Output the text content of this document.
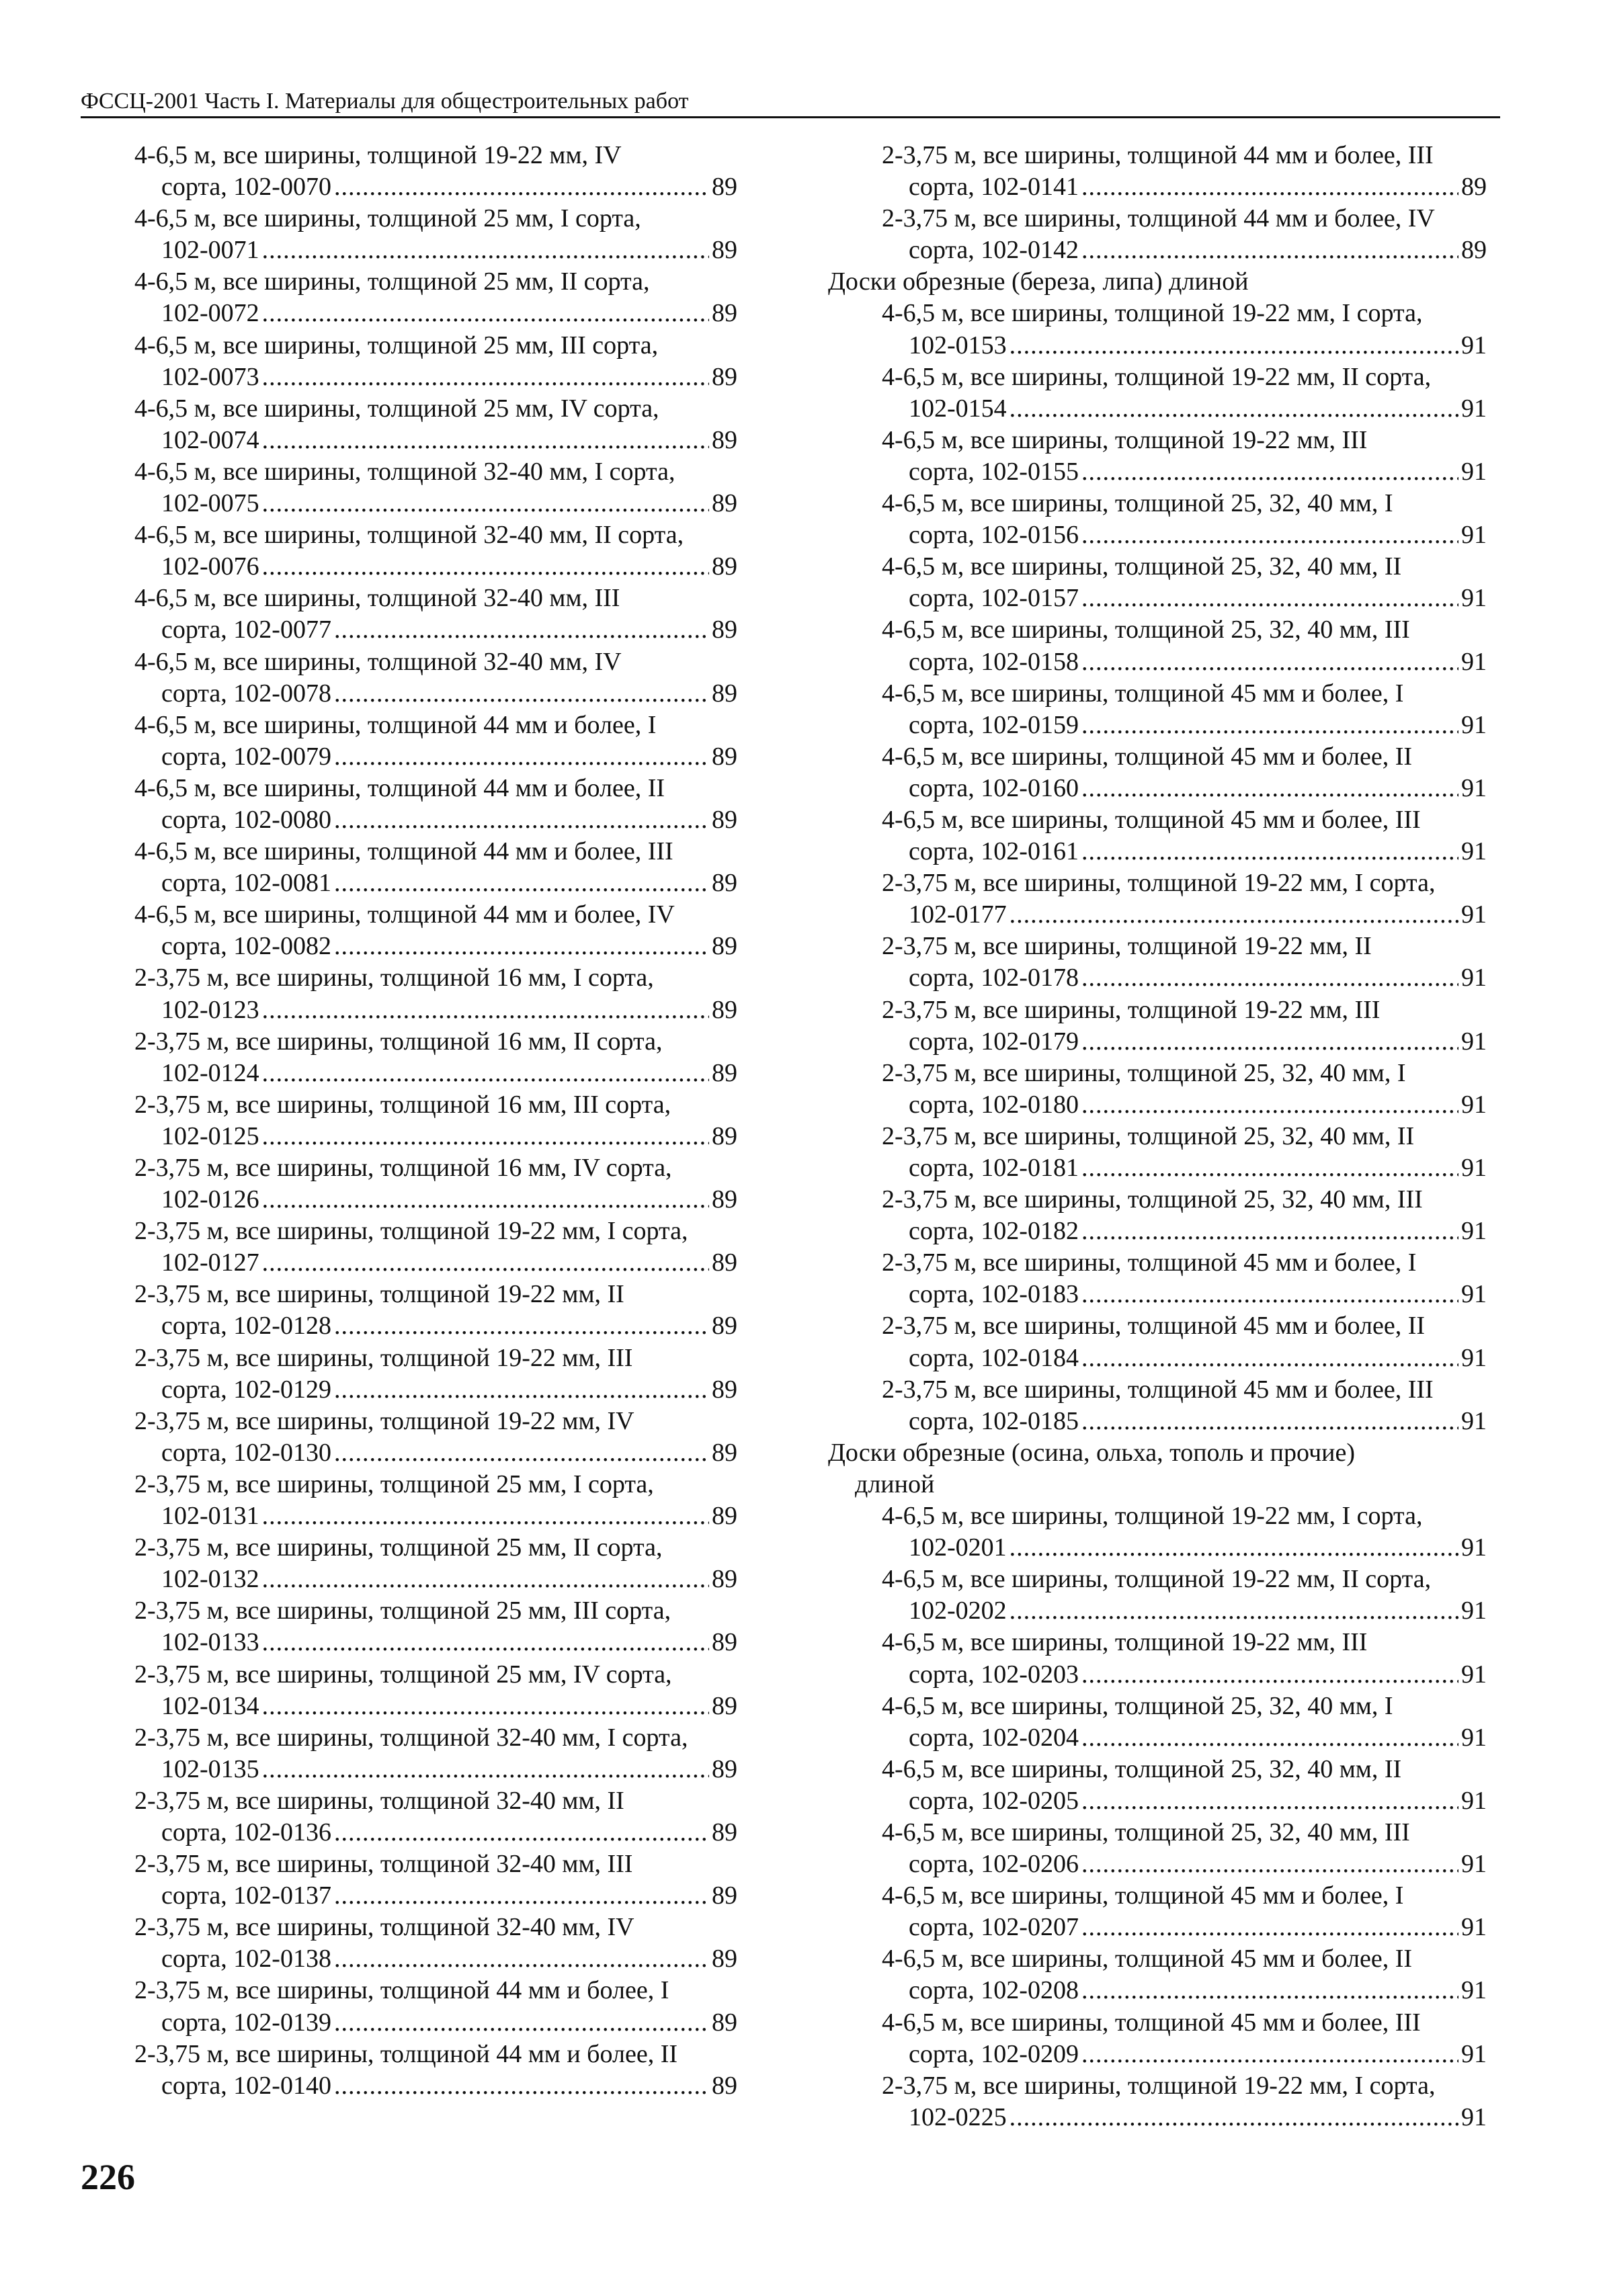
ФССЦ-2001 Часть I. Материалы для общестроительных работ
4-6,5 м, все ширины, толщиной 19-22 мм, IV
сорта, 102-0070 .....	89
4-6,5 м, все ширины, толщиной 25 мм, I сорта,
102-0071 .....	89
4-6,5 м, все ширины, толщиной 25 мм, II сорта,
102-0072 .....	89
4-6,5 м, все ширины, толщиной 25 мм, III сорта,
102-0073 .....	89
4-6,5 м, все ширины, толщиной 25 мм, IV сорта,
102-0074 .....	89
4-6,5 м, все ширины, толщиной 32-40 мм, I сорта,
102-0075 .....	89
4-6,5 м, все ширины, толщиной 32-40 мм, II сорта,
102-0076 .....	89
4-6,5 м, все ширины, толщиной 32-40 мм, III
сорта, 102-0077 .....	89
4-6,5 м, все ширины, толщиной 32-40 мм, IV
сорта, 102-0078 .....	89
4-6,5 м, все ширины, толщиной 44 мм и более, I
сорта, 102-0079 .....	89
4-6,5 м, все ширины, толщиной 44 мм и более, II
сорта, 102-0080 .....	89
4-6,5 м, все ширины, толщиной 44 мм и более, III
сорта, 102-0081 .....	89
4-6,5 м, все ширины, толщиной 44 мм и более, IV
сорта, 102-0082 .....	89
2-3,75 м, все ширины, толщиной 16 мм, I сорта,
102-0123 .....	89
2-3,75 м, все ширины, толщиной 16 мм, II сорта,
102-0124 .....	89
2-3,75 м, все ширины, толщиной 16 мм, III сорта,
102-0125 .....	89
2-3,75 м, все ширины, толщиной 16 мм, IV сорта,
102-0126 .....	89
2-3,75 м, все ширины, толщиной 19-22 мм, I сорта,
102-0127 .....	89
2-3,75 м, все ширины, толщиной 19-22 мм, II
сорта, 102-0128 .....	89
2-3,75 м, все ширины, толщиной 19-22 мм, III
сорта, 102-0129 .....	89
2-3,75 м, все ширины, толщиной 19-22 мм, IV
сорта, 102-0130 .....	89
2-3,75 м, все ширины, толщиной 25 мм, I сорта,
102-0131 .....	89
2-3,75 м, все ширины, толщиной 25 мм, II сорта,
102-0132 .....	89
2-3,75 м, все ширины, толщиной 25 мм, III сорта,
102-0133 .....	89
2-3,75 м, все ширины, толщиной 25 мм, IV сорта,
102-0134 .....	89
2-3,75 м, все ширины, толщиной 32-40 мм, I сорта,
102-0135 .....	89
2-3,75 м, все ширины, толщиной 32-40 мм, II
сорта, 102-0136 .....	89
2-3,75 м, все ширины, толщиной 32-40 мм, III
сорта, 102-0137 .....	89
2-3,75 м, все ширины, толщиной 32-40 мм, IV
сорта, 102-0138 .....	89
2-3,75 м, все ширины, толщиной 44 мм и более, I
сорта, 102-0139 .....	89
2-3,75 м, все ширины, толщиной 44 мм и более, II
сорта, 102-0140 .....	89
2-3,75 м, все ширины, толщиной 44 мм и более, III
сорта, 102-0141 .....	89
2-3,75 м, все ширины, толщиной 44 мм и более, IV
сорта, 102-0142 .....	89
Доски обрезные (береза, липа) длиной
4-6,5 м, все ширины, толщиной 19-22 мм, I сорта,
102-0153 .....	91
4-6,5 м, все ширины, толщиной 19-22 мм, II сорта,
102-0154 .....	91
4-6,5 м, все ширины, толщиной 19-22 мм, III
сорта, 102-0155 .....	91
4-6,5 м, все ширины, толщиной 25, 32, 40 мм, I
сорта, 102-0156 .....	91
4-6,5 м, все ширины, толщиной 25, 32, 40 мм, II
сорта, 102-0157 .....	91
4-6,5 м, все ширины, толщиной 25, 32, 40 мм, III
сорта, 102-0158 .....	91
4-6,5 м, все ширины, толщиной 45 мм и более, I
сорта, 102-0159 .....	91
4-6,5 м, все ширины, толщиной 45 мм и более, II
сорта, 102-0160 .....	91
4-6,5 м, все ширины, толщиной 45 мм и более, III
сорта, 102-0161 .....	91
2-3,75 м, все ширины, толщиной 19-22 мм, I сорта,
102-0177 .....	91
2-3,75 м, все ширины, толщиной 19-22 мм, II
сорта, 102-0178 .....	91
2-3,75 м, все ширины, толщиной 19-22 мм, III
сорта, 102-0179 .....	91
2-3,75 м, все ширины, толщиной 25, 32, 40 мм, I
сорта, 102-0180 .....	91
2-3,75 м, все ширины, толщиной 25, 32, 40 мм, II
сорта, 102-0181 .....	91
2-3,75 м, все ширины, толщиной 25, 32, 40 мм, III
сорта, 102-0182 .....	91
2-3,75 м, все ширины, толщиной 45 мм и более, I
сорта, 102-0183 .....	91
2-3,75 м, все ширины, толщиной 45 мм и более, II
сорта, 102-0184 .....	91
2-3,75 м, все ширины, толщиной 45 мм и более, III
сорта, 102-0185 .....	91
Доски обрезные (осина, ольха, тополь и прочие)
длиной
4-6,5 м, все ширины, толщиной 19-22 мм, I сорта,
102-0201 .....	91
4-6,5 м, все ширины, толщиной 19-22 мм, II сорта,
102-0202 .....	91
4-6,5 м, все ширины, толщиной 19-22 мм, III
сорта, 102-0203 .....	91
4-6,5 м, все ширины, толщиной 25, 32, 40 мм, I
сорта, 102-0204 .....	91
4-6,5 м, все ширины, толщиной 25, 32, 40 мм, II
сорта, 102-0205 .....	91
4-6,5 м, все ширины, толщиной 25, 32, 40 мм, III
сорта, 102-0206 .....	91
4-6,5 м, все ширины, толщиной 45 мм и более, I
сорта, 102-0207 .....	91
4-6,5 м, все ширины, толщиной 45 мм и более, II
сорта, 102-0208 .....	91
4-6,5 м, все ширины, толщиной 45 мм и более, III
сорта, 102-0209 .....	91
2-3,75 м, все ширины, толщиной 19-22 мм, I сорта,
102-0225 .....	91
226
